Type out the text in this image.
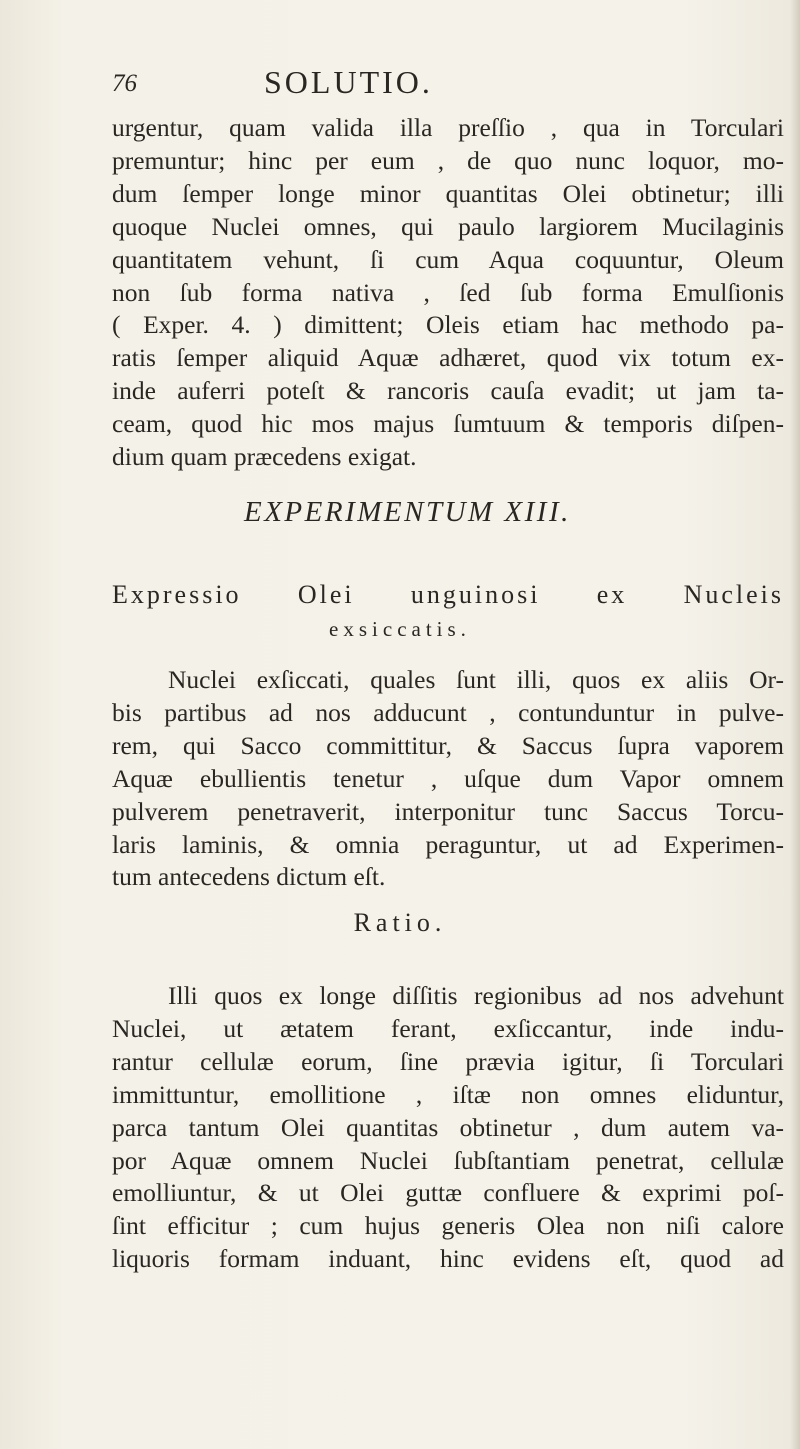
76	SOLUTIO.
urgentur, quam valida illa preſſio , qua in Torculari
premuntur; hinc per eum , de quo nunc loquor, mo-
dum ſemper longe minor quantitas Olei obtinetur; illi
quoque Nuclei omnes, qui paulo largiorem Mucilaginis
quantitatem vehunt, ſi cum Aqua coquuntur, Oleum
non ſub forma nativa , ſed ſub forma Emulſionis
( Exper. 4. ) dimittent; Oleis etiam hac methodo pa-
ratis ſemper aliquid Aquæ adhæret, quod vix totum ex-
inde auferri poteſt & rancoris cauſa evadit; ut jam ta-
ceam, quod hic mos majus ſumtuum & temporis diſpen-
dium quam præcedens exigat.
EXPERIMENTUM XIII.
Expressio Olei unguinosi ex Nucleis
exsiccatis.
Nuclei exſiccati, quales ſunt illi, quos ex aliis Or-
bis partibus ad nos adducunt , contunduntur in pulve-
rem, qui Sacco committitur, & Saccus ſupra vaporem
Aquæ ebullientis tenetur , uſque dum Vapor omnem
pulverem penetraverit, interponitur tunc Saccus Torcu-
laris laminis, & omnia peraguntur, ut ad Experimen-
tum antecedens dictum eſt.
Ratio.
Illi quos ex longe diſſitis regionibus ad nos advehunt
Nuclei, ut ætatem ferant, exſiccantur, inde indu-
rantur cellulæ eorum, ſine prævia igitur, ſi Torculari
immittuntur, emollitione , iſtæ non omnes eliduntur,
parca tantum Olei quantitas obtinetur , dum autem va-
por Aquæ omnem Nuclei ſubſtantiam penetrat, cellulæ
emolliuntur, & ut Olei guttæ confluere & exprimi poſ-
ſint efficitur ; cum hujus generis Olea non niſi calore
liquoris formam induant, hinc evidens eſt, quod ad
